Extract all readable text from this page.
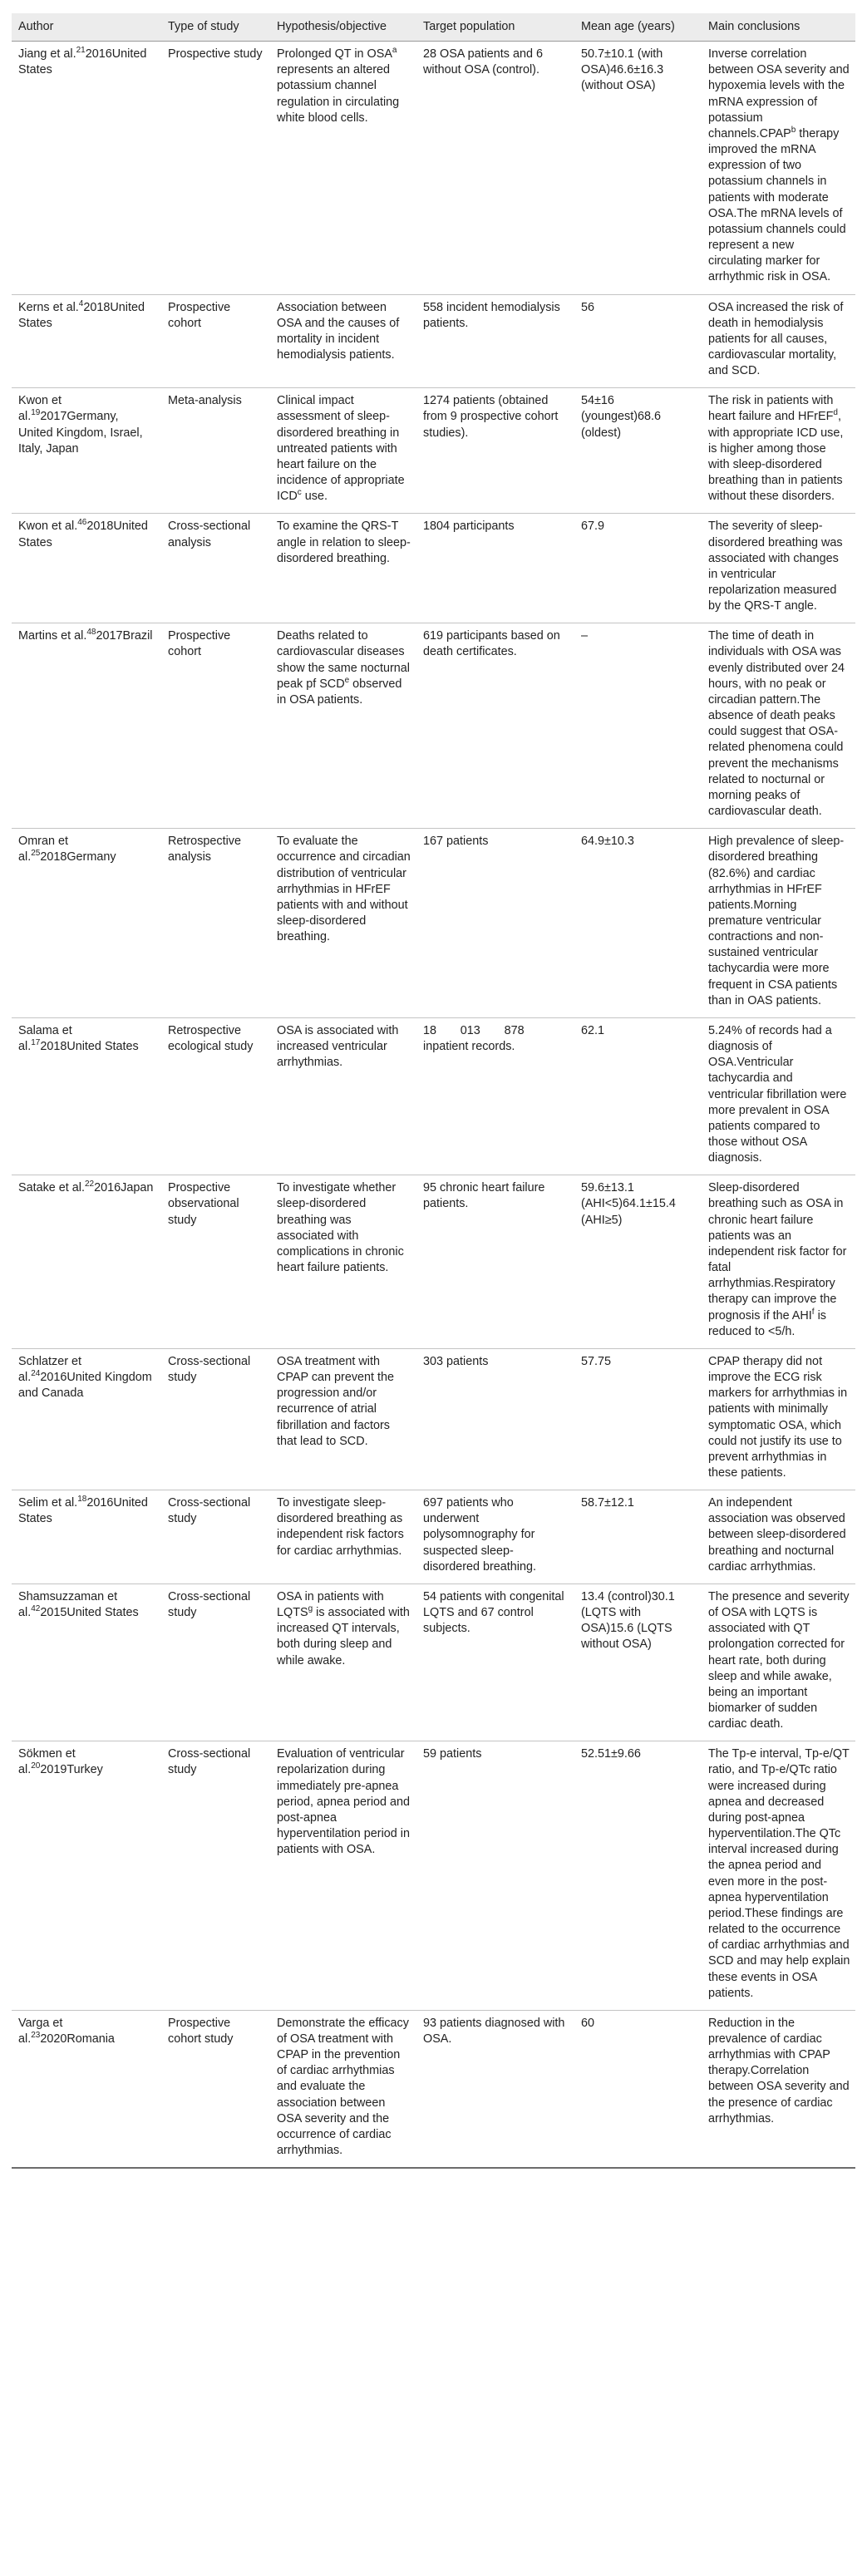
Author	Type of study	Hypothesis/objective	Target population	Mean age (years)	Main conclusions
Jiang et al.$^{21}$2016United States	Prospective study	Prolonged QT in OSA$^a$ represents an altered potassium channel regulation in circulating white blood cells.	28 OSA patients and 6 without OSA (control).	50.7±10.1 (with OSA)46.6±16.3 (without OSA)	Inverse correlation between OSA severity and hypoxemia levels with the mRNA expression of potassium channels.CPAP$^b$ therapy improved the mRNA expression of two potassium channels in patients with moderate OSA.The mRNA levels of potassium channels could represent a new circulating marker for arrhythmic risk in OSA.
Kerns et al.$^4$2018United States	Prospective cohort	Association between OSA and the causes of mortality in incident hemodialysis patients.	558 incident hemodialysis patients.	56	OSA increased the risk of death in hemodialysis patients for all causes, cardiovascular mortality, and SCD.
Kwon et al.$^{19}$2017Germany, United Kingdom, Israel, Italy, Japan	Meta-analysis	Clinical impact assessment of sleep-disordered breathing in untreated patients with heart failure on the incidence of appropriate ICD$^c$ use.	1274 patients (obtained from 9 prospective cohort studies).	54±16 (youngest)68.6 (oldest)	The risk in patients with heart failure and HFrEF$^d$, with appropriate ICD use, is higher among those with sleep-disordered breathing than in patients without these disorders.
Kwon et al.$^{46}$2018United States	Cross-sectional analysis	To examine the QRS-T angle in relation to sleep-disordered breathing.	1804 participants	67.9	The severity of sleep-disordered breathing was associated with changes in ventricular repolarization measured by the QRS-T angle.
Martins et al.$^{48}$2017Brazil	Prospective cohort	Deaths related to cardiovascular diseases show the same nocturnal peak pf SCD$^e$ observed in OSA patients.	619 participants based on death certificates.	–	The time of death in individuals with OSA was evenly distributed over 24 hours, with no peak or circadian pattern.The absence of death peaks could suggest that OSA-related phenomena could prevent the mechanisms related to nocturnal or morning peaks of cardiovascular death.
Omran et al.$^{25}$2018Germany	Retrospective analysis	To evaluate the occurrence and circadian distribution of ventricular arrhythmias in HFrEF patients with and without sleep-disordered breathing.	167 patients	64.9±10.3	High prevalence of sleep-disordered breathing (82.6%) and cardiac arrhythmias in HFrEF patients.Morning premature ventricular contractions and non-sustained ventricular tachycardia were more frequent in CSA patients than in OAS patients.
Salama et al.$^{17}$2018United States	Retrospective ecological study	OSA is associated with increased ventricular arrhythmias.	18  013  878 inpatient records.	62.1	5.24% of records had a diagnosis of OSA.Ventricular tachycardia and ventricular fibrillation were more prevalent in OSA patients compared to those without OSA diagnosis.
Satake et al.$^{22}$2016Japan	Prospective observational study	To investigate whether sleep-disordered breathing was associated with complications in chronic heart failure patients.	95 chronic heart failure patients.	59.6±13.1 (AHI<5)64.1±15.4 (AHI≥5)	Sleep-disordered breathing such as OSA in chronic heart failure patients was an independent risk factor for fatal arrhythmias.Respiratory therapy can improve the prognosis if the AHI$^f$ is reduced to <5/h.
Schlatzer et al.$^{24}$2016United Kingdom and Canada	Cross-sectional study	OSA treatment with CPAP can prevent the progression and/or recurrence of atrial fibrillation and factors that lead to SCD.	303 patients	57.75	CPAP therapy did not improve the ECG risk markers for arrhythmias in patients with minimally symptomatic OSA, which could not justify its use to prevent arrhythmias in these patients.
Selim et al.$^{18}$2016United States	Cross-sectional study	To investigate sleep-disordered breathing as independent risk factors for cardiac arrhythmias.	697 patients who underwent polysomnography for suspected sleep-disordered breathing.	58.7±12.1	An independent association was observed between sleep-disordered breathing and nocturnal cardiac arrhythmias.
Shamsuzzaman et al.$^{42}$2015United States	Cross-sectional study	OSA in patients with LQTS$^g$ is associated with increased QT intervals, both during sleep and while awake.	54 patients with congenital LQTS and 67 control subjects.	13.4 (control)30.1 (LQTS with OSA)15.6 (LQTS without OSA)	The presence and severity of OSA with LQTS is associated with QT prolongation corrected for heart rate, both during sleep and while awake, being an important biomarker of sudden cardiac death.
Sökmen et al.$^{20}$2019Turkey	Cross-sectional study	Evaluation of ventricular repolarization during immediately pre-apnea period, apnea period and post-apnea hyperventilation period in patients with OSA.	59 patients	52.51±9.66	The Tp-e interval, Tp-e/QT ratio, and Tp-e/QTc ratio were increased during apnea and decreased during post-apnea hyperventilation.The QTc interval increased during the apnea period and even more in the post-apnea hyperventilation period.These findings are related to the occurrence of cardiac arrhythmias and SCD and may help explain these events in OSA patients.
Varga et al.$^{23}$2020Romania	Prospective cohort study	Demonstrate the efficacy of OSA treatment with CPAP in the prevention of cardiac arrhythmias and evaluate the association between OSA severity and the occurrence of cardiac arrhythmias.	93 patients diagnosed with OSA.	60	Reduction in the prevalence of cardiac arrhythmias with CPAP therapy.Correlation between OSA severity and the presence of cardiac arrhythmias.
